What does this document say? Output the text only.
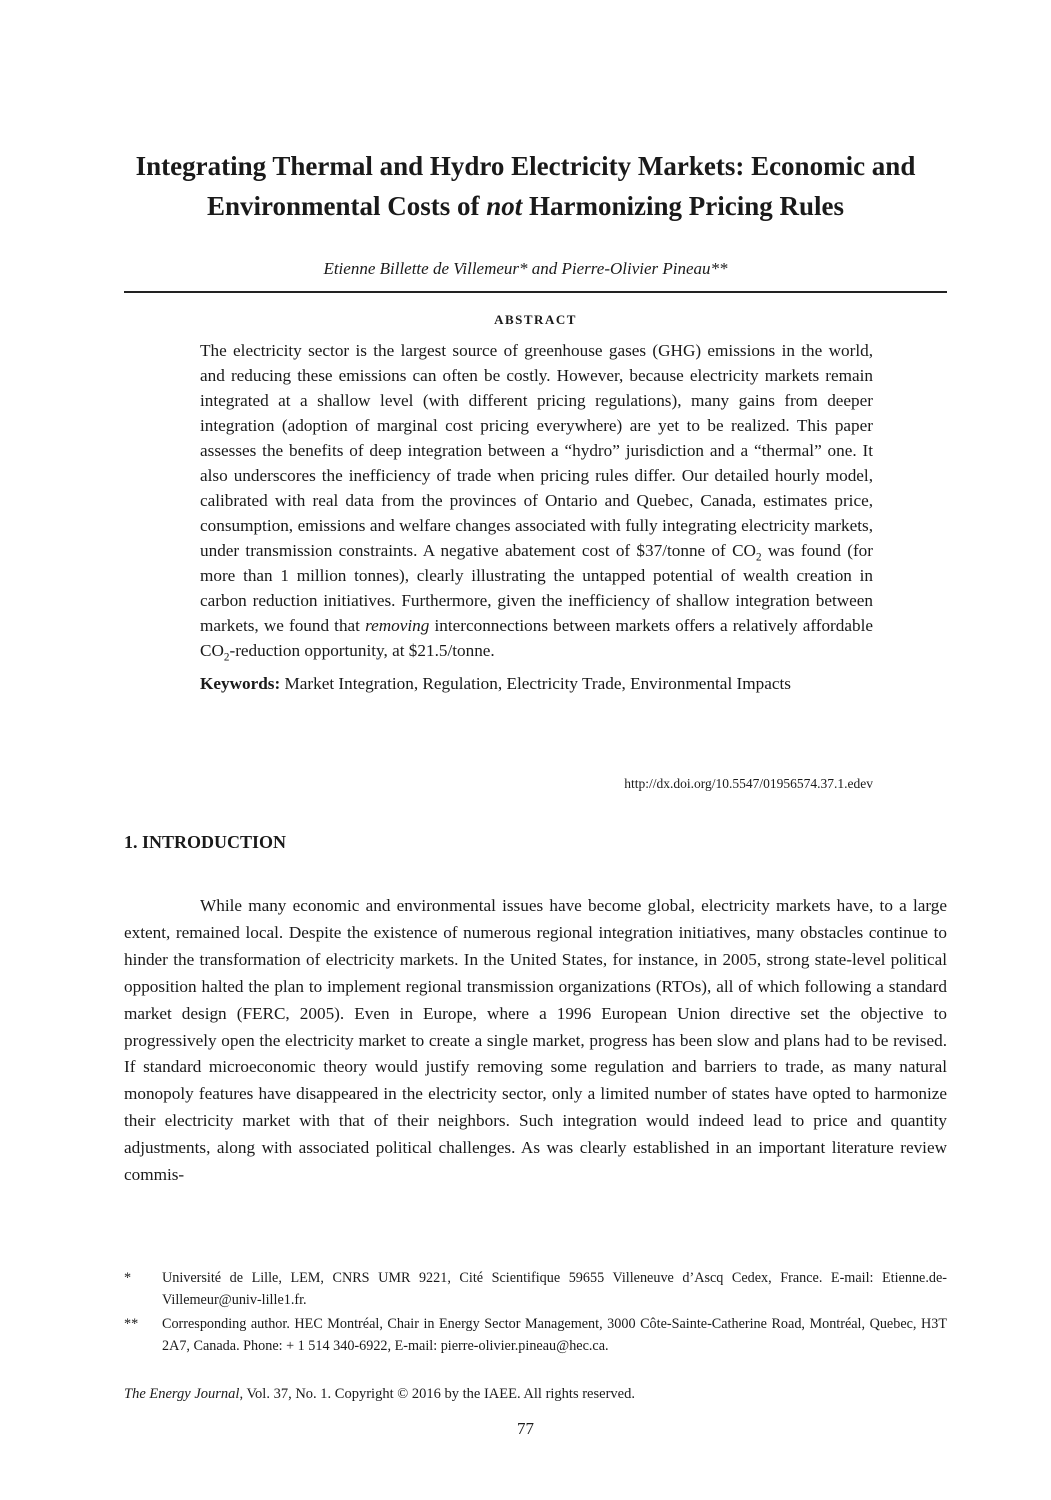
Integrating Thermal and Hydro Electricity Markets: Economic and Environmental Costs of not Harmonizing Pricing Rules
Etienne Billette de Villemeur* and Pierre-Olivier Pineau**
ABSTRACT

The electricity sector is the largest source of greenhouse gases (GHG) emissions in the world, and reducing these emissions can often be costly. However, because electricity markets remain integrated at a shallow level (with different pricing regulations), many gains from deeper integration (adoption of marginal cost pricing everywhere) are yet to be realized. This paper assesses the benefits of deep integration between a “hydro” jurisdiction and a “thermal” one. It also underscores the inefficiency of trade when pricing rules differ. Our detailed hourly model, calibrated with real data from the provinces of Ontario and Quebec, Canada, estimates price, consumption, emissions and welfare changes associated with fully integrating electricity markets, under transmission constraints. A negative abatement cost of $37/tonne of $CO_2$ was found (for more than 1 million tonnes), clearly illustrating the untapped potential of wealth creation in carbon reduction initiatives. Furthermore, given the inefficiency of shallow integration between markets, we found that removing interconnections between markets offers a relatively affordable $CO_2$-reduction opportunity, at $21.5/tonne.

Keywords: Market Integration, Regulation, Electricity Trade, Environmental Impacts

http://dx.doi.org/10.5547/01956574.37.1.edev
1. INTRODUCTION

While many economic and environmental issues have become global, electricity markets have, to a large extent, remained local. Despite the existence of numerous regional integration initiatives, many obstacles continue to hinder the transformation of electricity markets. In the United States, for instance, in 2005, strong state-level political opposition halted the plan to implement regional transmission organizations (RTOs), all of which following a standard market design (FERC, 2005). Even in Europe, where a 1996 European Union directive set the objective to progressively open the electricity market to create a single market, progress has been slow and plans had to be revised. If standard microeconomic theory would justify removing some regulation and barriers to trade, as many natural monopoly features have disappeared in the electricity sector, only a limited number of states have opted to harmonize their electricity market with that of their neighbors. Such integration would indeed lead to price and quantity adjustments, along with associated political challenges. As was clearly established in an important literature review commis-

*	Université de Lille, LEM, CNRS UMR 9221, Cité Scientifique 59655 Villeneuve d’Ascq Cedex, France. E-mail: Etienne.de-Villemeur@univ-lille1.fr.
**	Corresponding author. HEC Montréal, Chair in Energy Sector Management, 3000 Côte-Sainte-Catherine Road, Montréal, Quebec, H3T 2A7, Canada. Phone: + 1 514 340-6922, E-mail: pierre-olivier.pineau@hec.ca.
The Energy Journal, Vol. 37, No. 1. Copyright © 2016 by the IAEE. All rights reserved.
77
